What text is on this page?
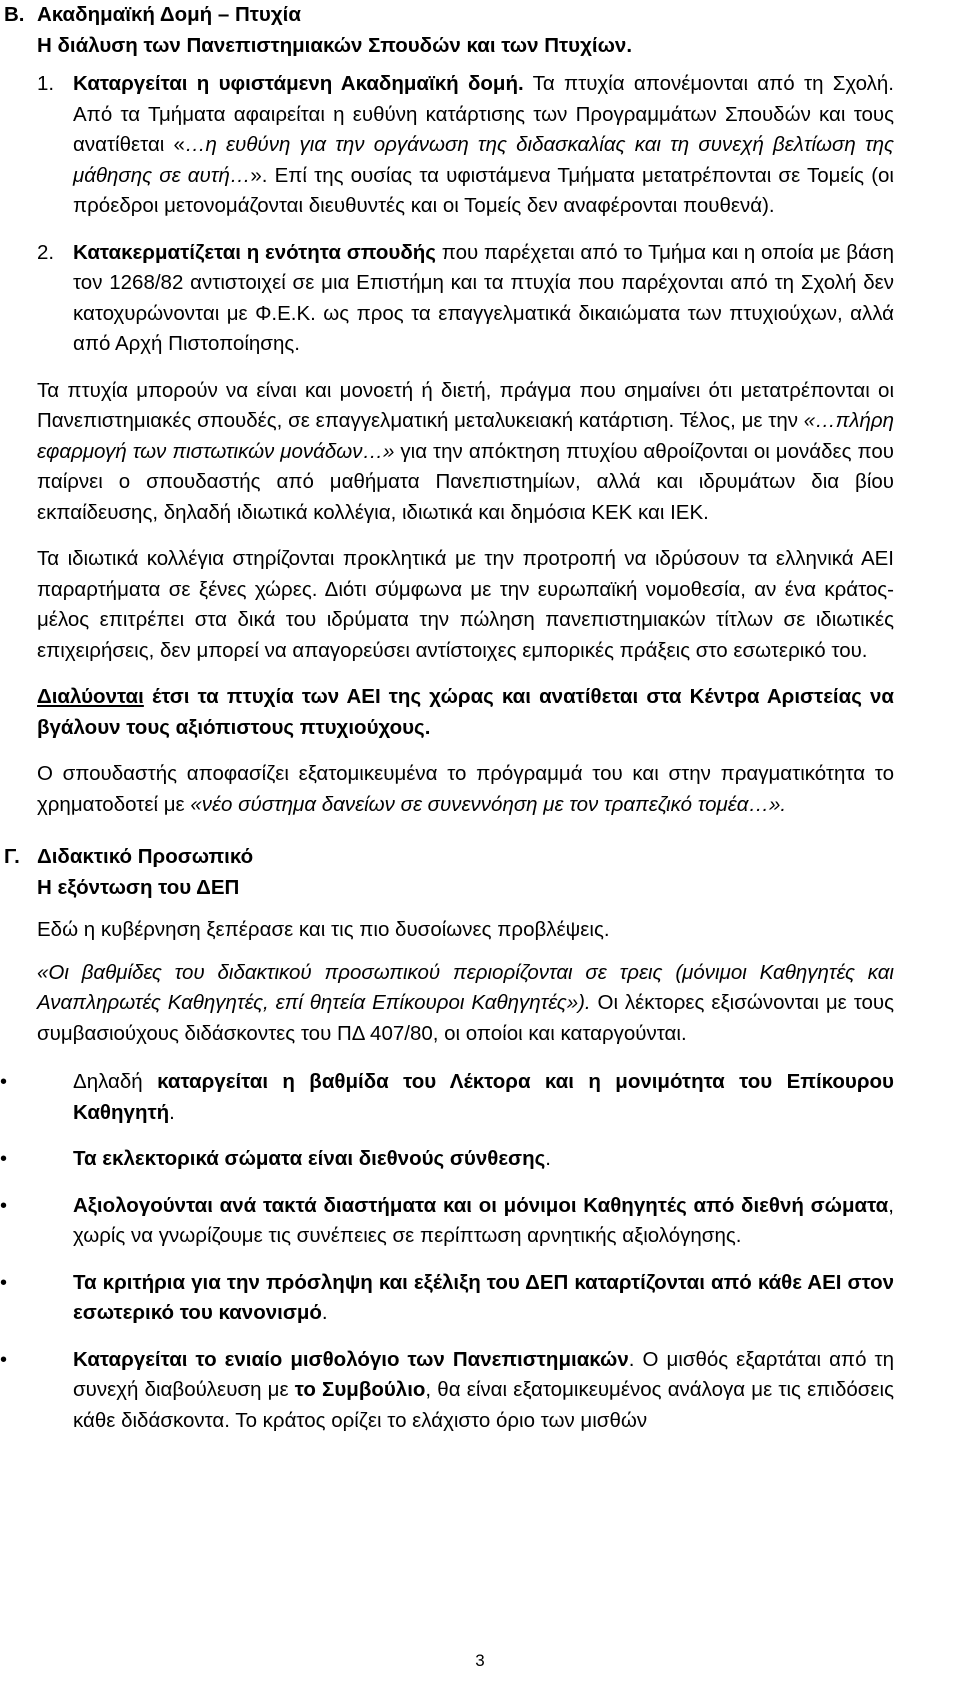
Β. Ακαδημαϊκή Δομή – Πτυχία
Η διάλυση των Πανεπιστημιακών Σπουδών και των Πτυχίων.
1. Καταργείται η υφιστάμενη Ακαδημαϊκή δομή. Τα πτυχία απονέμονται από τη Σχολή. Από τα Τμήματα αφαιρείται η ευθύνη κατάρτισης των Προγραμμάτων Σπουδών και τους ανατίθεται «…η ευθύνη για την οργάνωση της διδασκαλίας και τη συνεχή βελτίωση της μάθησης σε αυτή…». Επί της ουσίας τα υφιστάμενα Τμήματα μετατρέπονται σε Τομείς (οι πρόεδροι μετονομάζονται διευθυντές και οι Τομείς δεν αναφέρονται πουθενά).
2. Κατακερματίζεται η ενότητα σπουδής που παρέχεται από το Τμήμα και η οποία με βάση τον 1268/82 αντιστοιχεί σε μια Επιστήμη και τα πτυχία που παρέχονται από τη Σχολή δεν κατοχυρώνονται με Φ.Ε.Κ. ως προς τα επαγγελματικά δικαιώματα των πτυχιούχων, αλλά από Αρχή Πιστοποίησης.

Τα πτυχία μπορούν να είναι και μονοετή ή διετή, πράγμα που σημαίνει ότι μετατρέπονται οι Πανεπιστημιακές σπουδές, σε επαγγελματική μεταλυκειακή κατάρτιση. Τέλος, με την «…πλήρη εφαρμογή των πιστωτικών μονάδων…» για την απόκτηση πτυχίου αθροίζονται οι μονάδες που παίρνει ο σπουδαστής από μαθήματα Πανεπιστημίων, αλλά και ιδρυμάτων δια βίου εκπαίδευσης, δηλαδή ιδιωτικά κολλέγια, ιδιωτικά και δημόσια ΚΕΚ και ΙΕΚ.

Τα ιδιωτικά κολλέγια στηρίζονται προκλητικά με την προτροπή να ιδρύσουν τα ελληνικά ΑΕΙ παραρτήματα σε ξένες χώρες. Διότι σύμφωνα με την ευρωπαϊκή νομοθεσία, αν ένα κράτος-μέλος επιτρέπει στα δικά του ιδρύματα την πώληση πανεπιστημιακών τίτλων σε ιδιωτικές επιχειρήσεις, δεν μπορεί να απαγορεύσει αντίστοιχες εμπορικές πράξεις στο εσωτερικό του.

Διαλύονται έτσι τα πτυχία των ΑΕΙ της χώρας και ανατίθεται στα Κέντρα Αριστείας να βγάλουν τους αξιόπιστους πτυχιούχους.

Ο σπουδαστής αποφασίζει εξατομικευμένα το πρόγραμμά του και στην πραγματικότητα το χρηματοδοτεί με «νέο σύστημα δανείων σε συνεννόηση με τον τραπεζικό τομέα…».

Γ. Διδακτικό Προσωπικό
Η εξόντωση του ΔΕΠ

Εδώ η κυβέρνηση ξεπέρασε και τις πιο δυσοίωνες προβλέψεις.

«Οι βαθμίδες του διδακτικού προσωπικού περιορίζονται σε τρεις (μόνιμοι Καθηγητές και Αναπληρωτές Καθηγητές, επί θητεία Επίκουροι Καθηγητές»). Οι λέκτορες εξισώνονται με τους συμβασιούχους διδάσκοντες του ΠΔ 407/80, οι οποίοι και καταργούνται.

•	Δηλαδή καταργείται η βαθμίδα του Λέκτορα και η μονιμότητα του Επίκουρου Καθηγητή.
•	Τα εκλεκτορικά σώματα είναι διεθνούς σύνθεσης.
•	Αξιολογούνται ανά τακτά διαστήματα και οι μόνιμοι Καθηγητές από διεθνή σώματα, χωρίς να γνωρίζουμε τις συνέπειες σε περίπτωση αρνητικής αξιολόγησης.
•	Τα κριτήρια για την πρόσληψη και εξέλιξη του ΔΕΠ καταρτίζονται από κάθε ΑΕΙ στον εσωτερικό του κανονισμό.
•	Καταργείται το ενιαίο μισθολόγιο των Πανεπιστημιακών. Ο μισθός εξαρτάται από τη συνεχή διαβούλευση με το Συμβούλιο, θα είναι εξατομικευμένος ανάλογα με τις επιδόσεις κάθε διδάσκοντα. Το κράτος ορίζει το ελάχιστο όριο των μισθών
3
